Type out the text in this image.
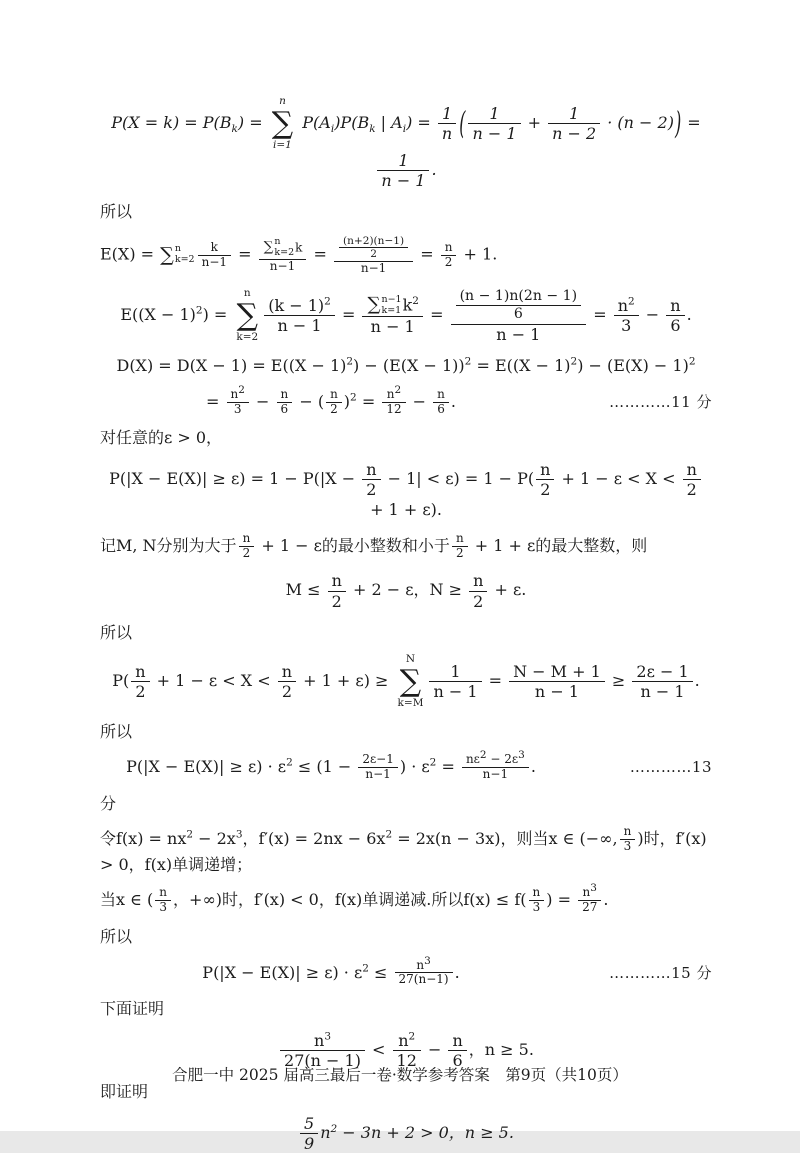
$P(X = k) = P(B_k)$ =
n
∑
i=1
$P(A_i)P(B_k$ | $A_i) = \frac{1}{n}$ ( $\frac{1}{n - 1} + \frac{1}{n - 2} \cdot (n - 2)$) =
$\frac{1}{n - 1}$ .
所以
E(X) = ∑ n
$k=2 \frac{k}{n-1}$ = ∑ n
k=2 k
$n-1 = \frac{\frac{(n+2)(n-1)}{2}}{n-1} = \frac{n}{2} + 1$.
$E((X - 1)^2)$ =
n
∑
k=2
$\frac{(k - 1)^2}{n - 1}$ = ∑ n−1
k=1 $k^2$
$n - 1 = \frac{\frac{(n - 1)n(2n - 1)}{6}}{n - 1} = \frac{n^2}{3} - \frac{n}{6}$ .
$D(X) = D(X - 1) = E((X - 1)^2) - (E(X - 1))^2 = E((X - 1)^2) - (E(X) - 1)^2$
= $\frac{n^2}{3} - \frac{n}{6}$ − ( $\frac{n}{2} )^2 = \frac{n^2}{12} - \frac{n}{6}$ .	…………11 分
对任意的ε > 0，
$P(|X - E(X)| \ge \varepsilon) = 1 - P(|X - \frac{n}{2} - 1| < \varepsilon) = 1 - P( \frac{n}{2} + 1 - \varepsilon < X < \frac{n}{2}$
+ 1 + ε).
记M, N分别为大于 $\frac{n}{2} + 1 - \varepsilon$的最小整数和小于 $\frac{n}{2} + 1 + \varepsilon$的最大整数，则
$M \le \frac{n}{2} + 2 - \varepsilon$，$N \ge \frac{n}{2} + \varepsilon$.
所以
$P( \frac{n}{2} + 1 - \varepsilon < X < \frac{n}{2} + 1 + \varepsilon)$ ≥
N
∑
k=M
$\frac{1}{n - 1} = \frac{N - M + 1}{n - 1} \ge \frac{2\varepsilon - 1}{n - 1}$ .
所以
$P(|X - E(X)| \ge \varepsilon) \cdot \varepsilon^2 \le (1 - \frac{2\varepsilon-1}{n-1}$ ) · $\varepsilon^2 = \frac{n\varepsilon^2 - 2\varepsilon^3}{n-1}$ .	…………13
分
令$f(x) = nx^2 - 2x^3$，$f'(x) = 2nx - 6x^2 = 2x(n - 3x)$，则当x ∈ (−∞, $\frac{n}{3}$ )时，f′(x) > 0，f(x)单调递增；
当x ∈ ( $\frac{n}{3}$ ，+∞)时，f′(x) < 0，f(x)单调递减.所以$f(x) \le f( \frac{n}{3}$ ) = $\frac{n^3}{27}$ .
所以
$P(|X - E(X)| \ge \varepsilon) \cdot \varepsilon^2 \le \frac{n^3}{27(n-1)}$ .	…………15 分
下面证明
$\frac{n^3}{27(n - 1)} < \frac{n^2}{12} - \frac{n}{6}$ ，n ≥ 5.
即证明
$\frac{5}{9} n^2 - 3n + 2 > 0$，n ≥ 5.
合肥一中 2025 届高三最后一卷·数学参考答案　第9页（共10页）
